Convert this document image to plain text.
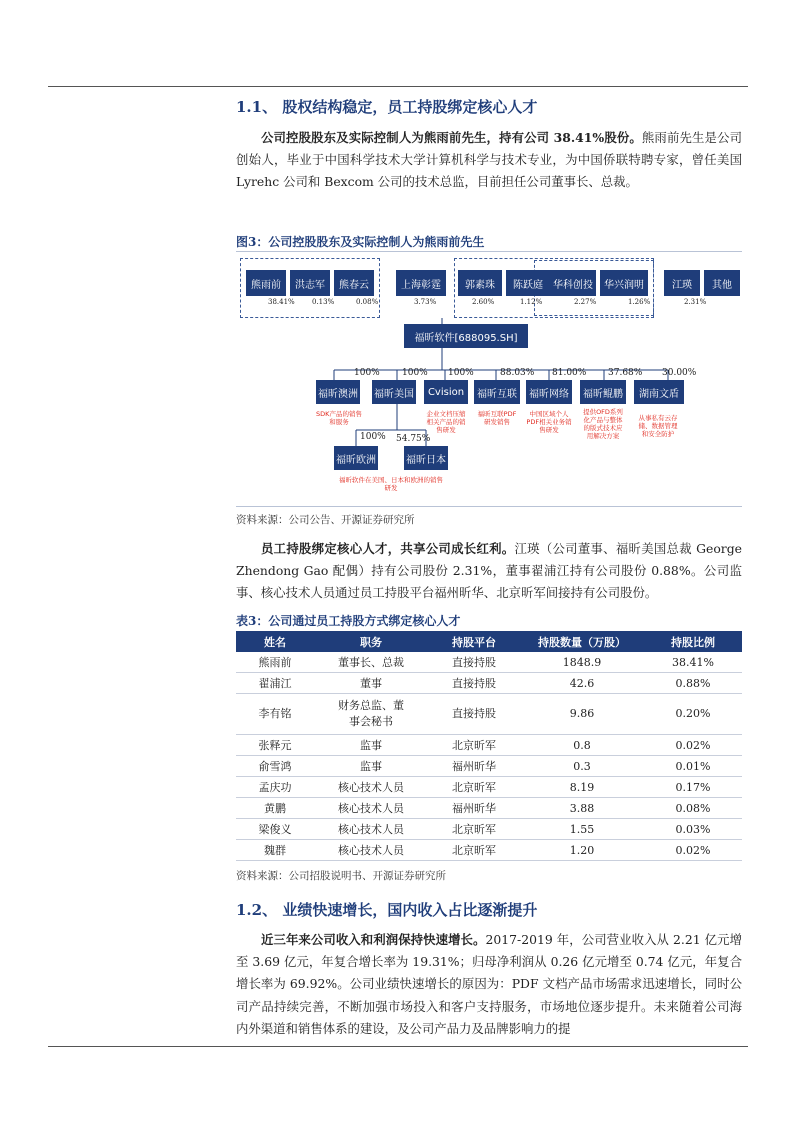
1.1、 股权结构稳定，员工持股绑定核心人才
公司控股股东及实际控制人为熊雨前先生，持有公司 38.41%股份。熊雨前先生是公司创始人，毕业于中国科学技术大学计算机科学与技术专业，为中国侨联特聘专家，曾任美国 Lyrehc 公司和 Bexcom 公司的技术总监，目前担任公司董事长、总裁。
图3：公司控股股东及实际控制人为熊雨前先生
熊雨前	洪志军	熊春云	上海彰霆	郭素珠	陈跃庭	华科创投	华兴润明	江瑛	其他
38.41% 0.13%	0.08%	3.73%	2.60%	1.12%	2.27%	1.26%	2.31%
福昕软件[688095.SH]
100% 100% 100%	88.03% 81.00% 37.68% 30.00%
福昕澳洲 福昕美国	Cvision	福昕互联	福昕网络	福昕鲲鹏	湖南文盾
SDK产品的销售和服务
企业文档压缩相关产品的销售研发
福昕互联PDF研发销售
中国区域个人PDF相关业务销售研发
提供OFD系列化产品与整体的版式技术应用解决方案
从事私有云存储、数据管理和安全防护
100% 54.75%
福昕欧洲	福昕日本
福昕软件在美国、日本和欧洲的销售研发
资料来源：公司公告、开源证券研究所
员工持股绑定核心人才，共享公司成长红利。江瑛（公司董事、福昕美国总裁 George Zhendong Gao 配偶）持有公司股份 2.31%，董事翟浦江持有公司股份 0.88%。公司监事、核心技术人员通过员工持股平台福州昕华、北京昕军间接持有公司股份。
表3：公司通过员工持股方式绑定核心人才
姓名	职务	持股平台	持股数量（万股）	持股比例
熊雨前	董事长、总裁	直接持股	1848.9	38.41%
翟浦江	董事	直接持股	42.6	0.88%
李有铭	财务总监、董事会秘书	直接持股	9.86	0.20%
张释元	监事	北京昕军	0.8	0.02%
俞雪鸿	监事	福州昕华	0.3	0.01%
孟庆功	核心技术人员	北京昕军	8.19	0.17%
黄鹏	核心技术人员	福州昕华	3.88	0.08%
梁俊义	核心技术人员	北京昕军	1.55	0.03%
魏群	核心技术人员	北京昕军	1.20	0.02%
资料来源：公司招股说明书、开源证券研究所
1.2、 业绩快速增长，国内收入占比逐渐提升
近三年来公司收入和利润保持快速增长。2017-2019 年，公司营业收入从 2.21 亿元增至 3.69 亿元，年复合增长率为 19.31%；归母净利润从 0.26 亿元增至 0.74 亿元，年复合增长率为 69.92%。公司业绩快速增长的原因为：PDF 文档产品市场需求迅速增长，同时公司产品持续完善，不断加强市场投入和客户支持服务，市场地位逐步提升。未来随着公司海内外渠道和销售体系的建设，及公司产品力及品牌影响力的提
